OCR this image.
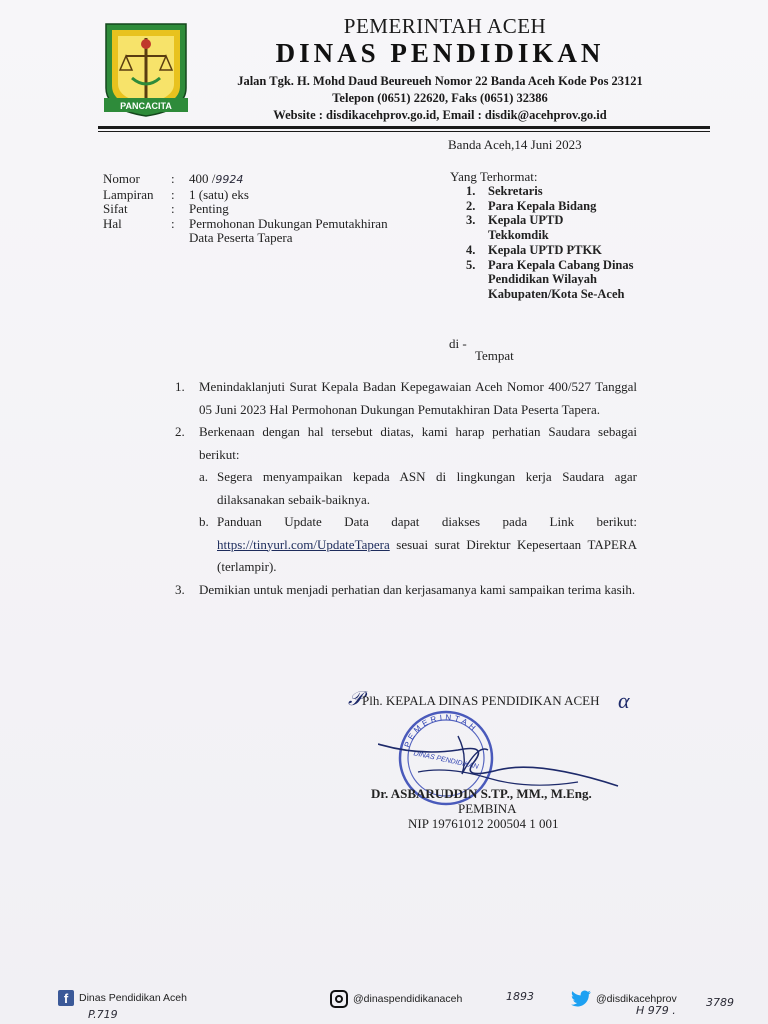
PANCACITA
PEMERINTAH ACEH
DINAS PENDIDIKAN
Jalan Tgk. H. Mohd Daud Beureueh Nomor 22 Banda Aceh Kode Pos 23121
Telepon (0651) 22620, Faks (0651) 32386
Website : disdikacehprov.go.id, Email : disdik@acehprov.go.id
Banda Aceh,14 Juni 2023
Nomor	:	400 /9924
Lampiran	:	1 (satu) eks
Sifat	:	Penting
Hal	:	Permohonan Dukungan Pemutakhiran
Data Peserta Tapera
Yang Terhormat:
1.	Sekretaris
2.	Para Kepala Bidang
3.	Kepala UPTD Tekkomdik
4.	Kepala UPTD PTKK
5.	Para Kepala Cabang Dinas Pendidikan Wilayah Kabupaten/Kota Se-Aceh
di -
Tempat
1.	Menindaklanjuti Surat Kepala Badan Kepegawaian Aceh Nomor 400/527 Tanggal 05 Juni 2023 Hal Permohonan Dukungan Pemutakhiran Data Peserta Tapera.
2.	Berkenaan dengan hal tersebut diatas, kami harap perhatian Saudara sebagai berikut:
a. Segera menyampaikan kepada ASN di lingkungan kerja Saudara agar dilaksanakan sebaik-baiknya.
b. Panduan Update Data dapat diakses pada Link berikut: https://tinyurl.com/UpdateTapera sesuai surat Direktur Kepesertaan TAPERA (terlampir).
3.	Demikian untuk menjadi perhatian dan kerjasamanya kami sampaikan terima kasih.
𝒫 Plh. KEPALA DINAS PENDIDIKAN ACEH α
PEMERINTAH
DINAS PENDIDIKAN
Dr. ASBARUDDIN S.TP., MM., M.Eng.
PEMBINA
NIP 19761012 200504 1 001
f	Dinas Pendidikan Aceh	@dinaspendidikanaceh	@disdikacehprov
1893
P.719	H 979 .
3789
